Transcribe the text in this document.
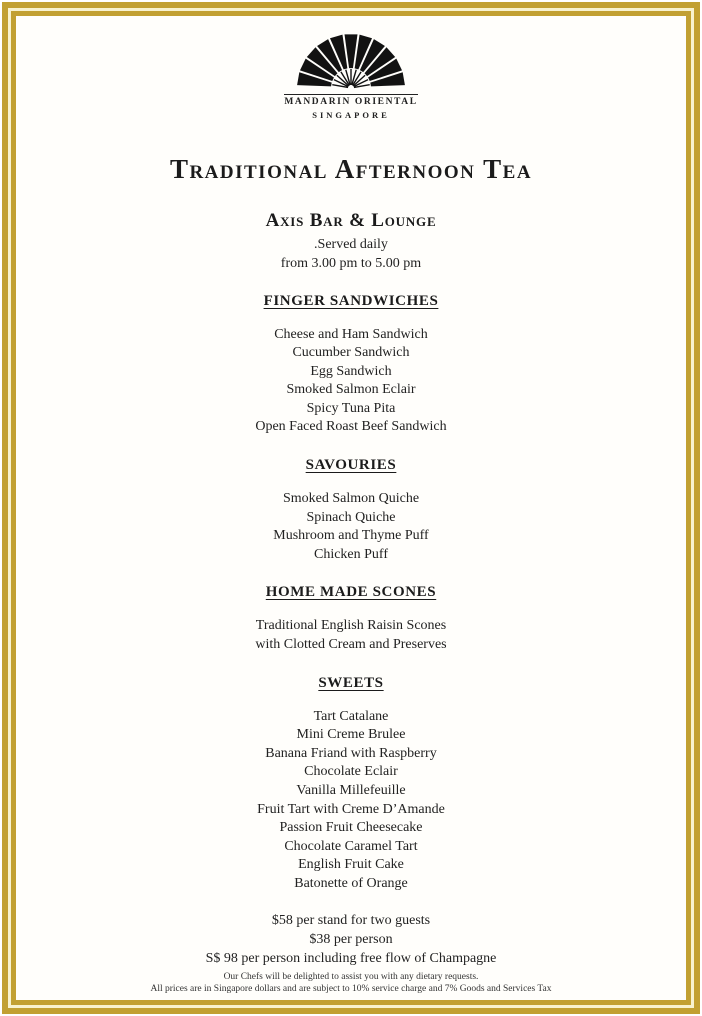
MANDARIN ORIENTAL
SINGAPORE
Traditional Afternoon Tea
Axis Bar & Lounge
.Served daily
from 3.00 pm to 5.00 pm
FINGER SANDWICHES
Cheese and Ham Sandwich
Cucumber Sandwich
Egg Sandwich
Smoked Salmon Eclair
Spicy Tuna Pita
Open Faced Roast Beef Sandwich
SAVOURIES
Smoked Salmon Quiche
Spinach Quiche
Mushroom and Thyme Puff
Chicken Puff
HOME MADE SCONES
Traditional English Raisin Scones
with Clotted Cream and Preserves
SWEETS
Tart Catalane
Mini Creme Brulee
Banana Friand with Raspberry
Chocolate Eclair
Vanilla Millefeuille
Fruit Tart with Creme D’Amande
Passion Fruit Cheesecake
Chocolate Caramel Tart
English Fruit Cake
Batonette of Orange
$58 per stand for two guests
$38 per person
S$ 98 per person including free flow of Champagne
Our Chefs will be delighted to assist you with any dietary requests.
All prices are in Singapore dollars and are subject to 10% service charge and 7% Goods and Services Tax
